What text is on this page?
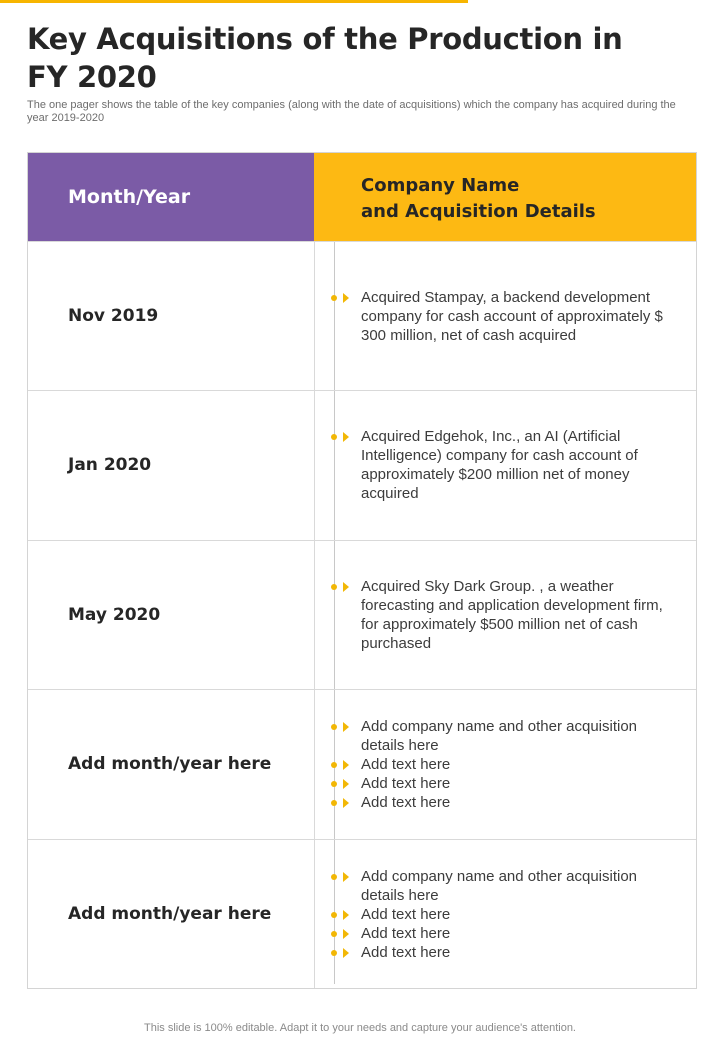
Key Acquisitions of the Production in FY 2020

The one pager shows the table of the key companies (along with the date of acquisitions) which the company has acquired during the year 2019-2020

Month/Year
Company Name
and Acquisition Details
Nov 2019
Acquired Stampay, a backend development
company for cash account of approximately $
300 million, net of cash acquired
Jan 2020
Acquired Edgehok, Inc., an AI (Artificial
Intelligence) company for cash account of
approximately $200 million net of money
acquired
May 2020
Acquired Sky Dark Group. , a weather
forecasting and application development firm,
for approximately $500 million net of cash
purchased
Add month/year here
Add company name and other acquisition
details here
Add text here
Add text here
Add text here
Add month/year here
Add company name and other acquisition
details here
Add text here
Add text here
Add text here
This slide is 100% editable. Adapt it to your needs and capture your audience's attention.
